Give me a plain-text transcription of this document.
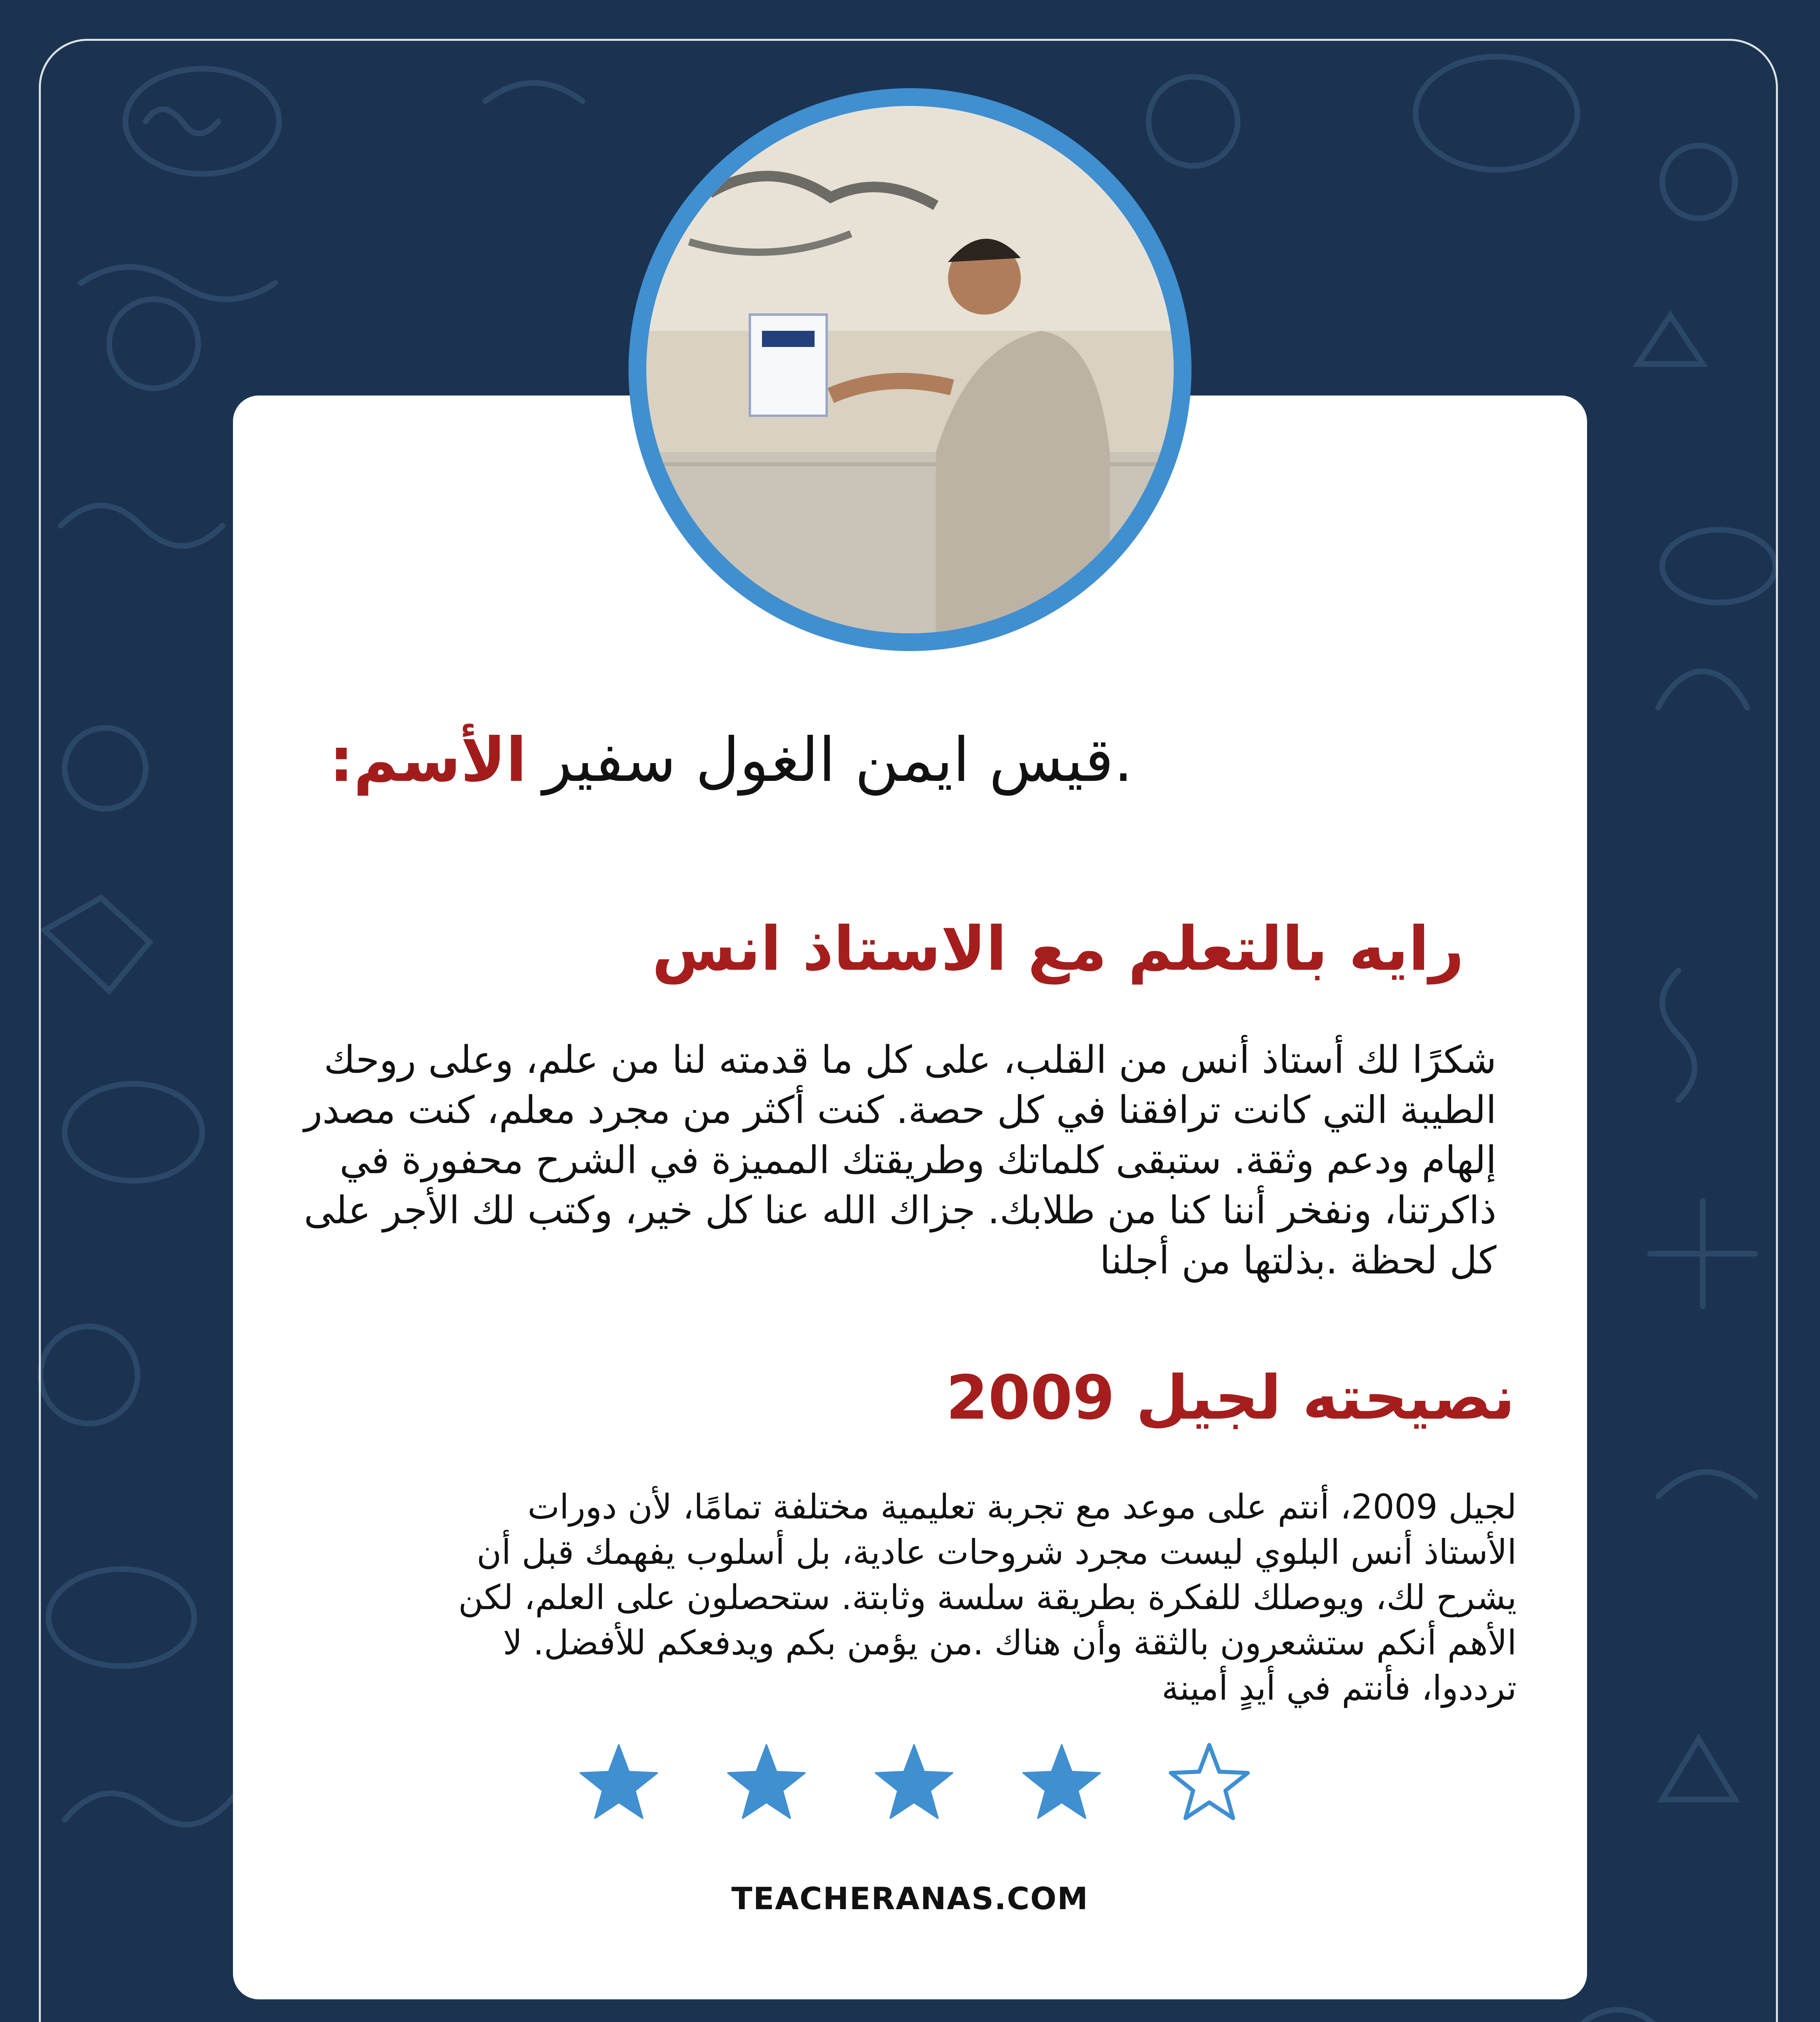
الأسم: .قيس ايمن الغول سفير
رايه بالتعلم مع الاستاذ انس
شكرًا لك أستاذ أنس من القلب، على كل ما قدمته لنا من علم، وعلى روحك الطيبة التي كانت ترافقنا في كل حصة. كنت أكثر من مجرد معلم، كنت مصدر إلهام ودعم وثقة. ستبقى كلماتك وطريقتك المميزة في الشرح محفورة في ذاكرتنا، ونفخر أننا كنا من طلابك. جزاك الله عنا كل خير، وكتب لك الأجر على كل لحظة .بذلتها من أجلنا
نصيحته لجيل 2009
لجيل 2009، أنتم على موعد مع تجربة تعليمية مختلفة تمامًا، لأن دورات الأستاذ أنس البلوي ليست مجرد شروحات عادية، بل أسلوب يفهمك قبل أن يشرح لك، ويوصلك للفكرة بطريقة سلسة وثابتة. ستحصلون على العلم، لكن الأهم أنكم ستشعرون بالثقة وأن هناك .من يؤمن بكم ويدفعكم للأفضل. لا ترددوا، فأنتم في أيدٍ أمينة
TEACHERANAS.COM
